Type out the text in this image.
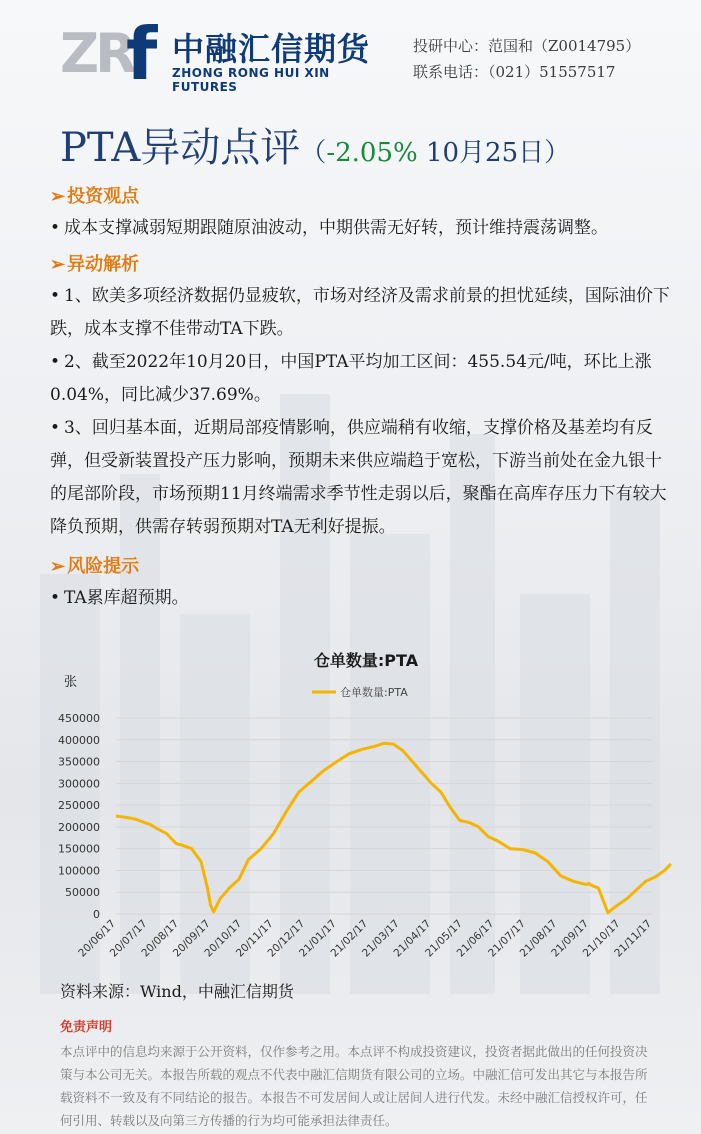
ZR
f 中融汇信期货
ZHONG RONG HUI XIN FUTURES
投研中心：范国和（Z0014795）
联系电话：（021）51557517
PTA异动点评（-2.05% 10月25日）
➢ 投资观点
• 成本支撑减弱短期跟随原油波动，中期供需无好转，预计维持震荡调整。
➢ 异动解析
• 1、欧美多项经济数据仍显疲软，市场对经济及需求前景的担忧延续，国际油价下跌，成本支撑不佳带动TA下跌。
• 2、截至2022年10月20日，中国PTA平均加工区间：455.54元/吨，环比上涨0.04%，同比减少37.69%。
• 3、回归基本面，近期局部疫情影响，供应端稍有收缩，支撑价格及基差均有反弹，但受新装置投产压力影响，预期未来供应端趋于宽松，下游当前处在金九银十的尾部阶段，市场预期11月终端需求季节性走弱以后，聚酯在高库存压力下有较大降负预期，供需存转弱预期对TA无利好提振。
➢ 风险提示
• TA累库超预期。
仓单数量:PTA
张
仓单数量:PTA
0
50000
100000
150000
200000
250000
300000
350000
400000
450000
20/06/17
20/07/17
20/08/17
20/09/17
20/10/17
20/11/17
20/12/17
21/01/17
21/02/17
21/03/17
21/04/17
21/05/17
21/06/17
21/07/17
21/08/17
21/09/17
21/10/17
21/11/17
资料来源：Wind，中融汇信期货
免责声明
本点评中的信息均来源于公开资料，仅作参考之用。本点评不构成投资建议，投资者据此做出的任何投资决策与本公司无关。本报告所载的观点不代表中融汇信期货有限公司的立场。中融汇信可发出其它与本报告所载资料不一致及有不同结论的报告。本报告不可发居间人或让居间人进行代发。未经中融汇信授权许可，任何引用、转载以及向第三方传播的行为均可能承担法律责任。
